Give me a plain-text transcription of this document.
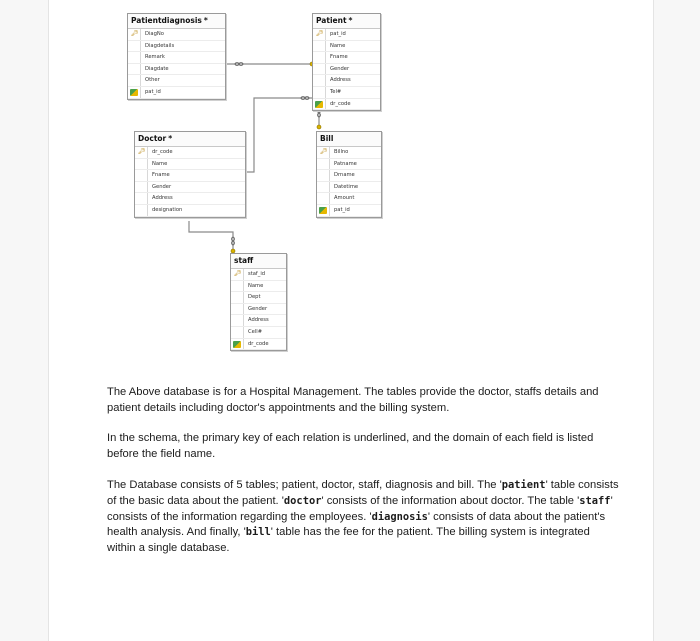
Patientdiagnosis *
🔑︎ DiagNo
Diagdetails
Remark
Diagdate
Other
pat_id
Patient *
🔑︎ pat_id
Name
Fname
Gender
Address
Tel#
dr_code
Doctor *
🔑︎ dr_code
Name
Fname
Gender
Address
designation
Bill
🔑︎ Billno
Patname
Drname
Datetime
Amount
pat_id
staff
🔑︎ staf_id
Name
Dept
Gender
Address
Cell#
dr_code

The Above database is for a Hospital Management. The tables provide the doctor, staffs details and patient details including doctor's appointments and the billing system.

In the schema, the primary key of each relation is underlined, and the domain of each field is listed before the field name.

The Database consists of 5 tables; patient, doctor, staff, diagnosis and bill. The 'patient' table consists of the basic data about the patient. 'doctor' consists of the information about doctor. The table 'staff' consists of the information regarding the employees. 'diagnosis' consists of data about the patient's health analysis. And finally, 'bill' table has the fee for the patient. The billing system is integrated within a single database.
